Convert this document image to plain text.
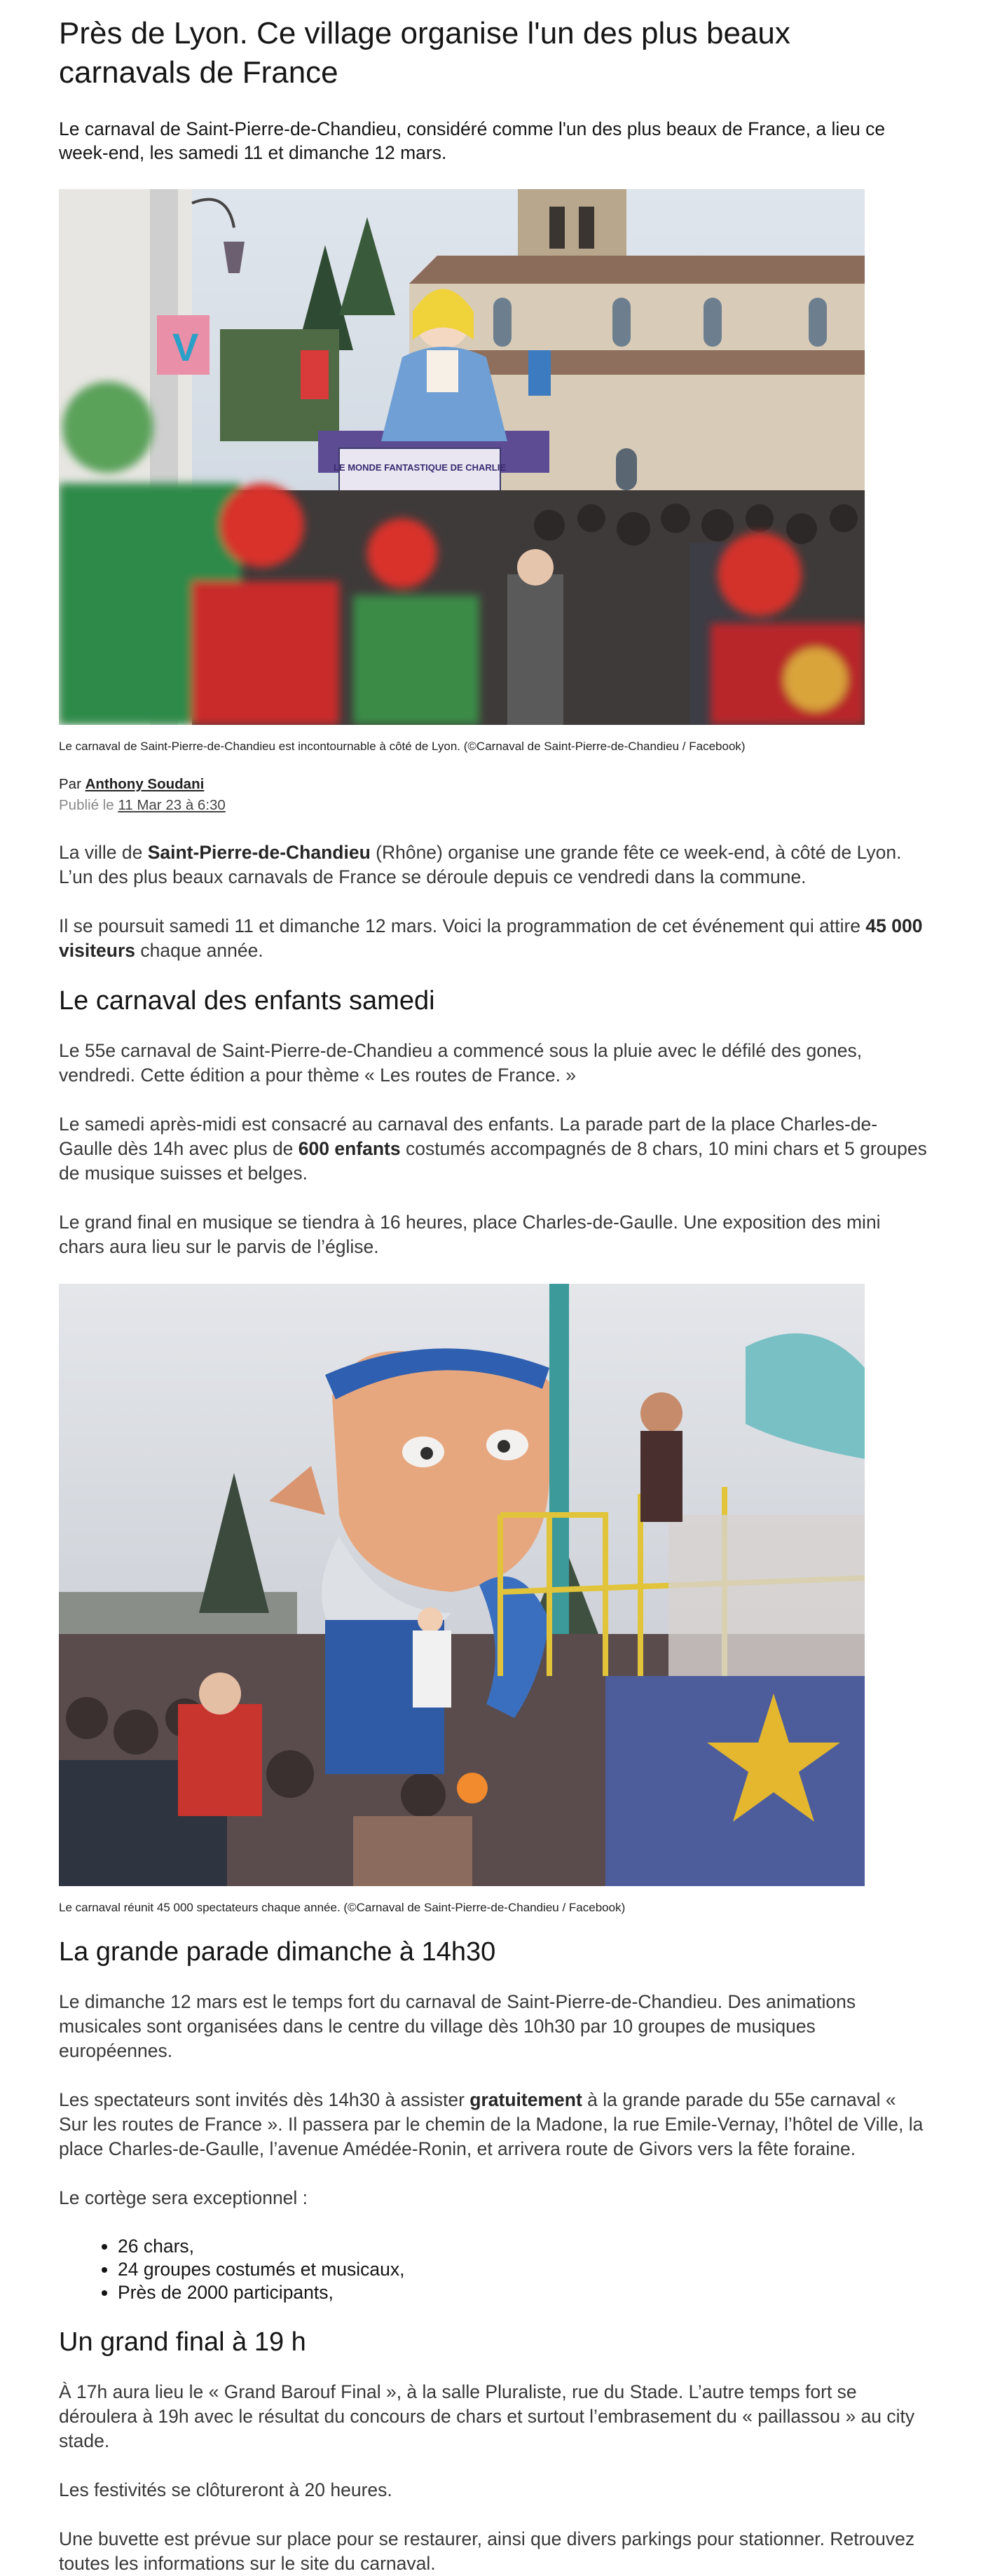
Près de Lyon. Ce village organise l'un des plus beaux carnavals de France

Le carnaval de Saint-Pierre-de-Chandieu, considéré comme l'un des plus beaux de France, a lieu ce week-end, les samedi 11 et dimanche 12 mars.

V
LE MONDE FANTASTIQUE DE CHARLIE

Le carnaval de Saint-Pierre-de-Chandieu est incontournable à côté de Lyon. (©Carnaval de Saint-Pierre-de-Chandieu / Facebook)

Par Anthony Soudani
Publié le 11 Mar 23 à 6:30

La ville de Saint-Pierre-de-Chandieu (Rhône) organise une grande fête ce week-end, à côté de Lyon. L’un des plus beaux carnavals de France se déroule depuis ce vendredi dans la commune.

Il se poursuit samedi 11 et dimanche 12 mars. Voici la programmation de cet événement qui attire 45 000 visiteurs chaque année.

Le carnaval des enfants samedi

Le 55e carnaval de Saint-Pierre-de-Chandieu a commencé sous la pluie avec le défilé des gones, vendredi. Cette édition a pour thème « Les routes de France. »

Le samedi après-midi est consacré au carnaval des enfants. La parade part de la place Charles-de-Gaulle dès 14h avec plus de 600 enfants costumés accompagnés de 8 chars, 10 mini chars et 5 groupes de musique suisses et belges.

Le grand final en musique se tiendra à 16 heures, place Charles-de-Gaulle. Une exposition des mini chars aura lieu sur le parvis de l’église.

Le carnaval réunit 45 000 spectateurs chaque année. (©Carnaval de Saint-Pierre-de-Chandieu / Facebook)

La grande parade dimanche à 14h30

Le dimanche 12 mars est le temps fort du carnaval de Saint-Pierre-de-Chandieu. Des animations musicales sont organisées dans le centre du village dès 10h30 par 10 groupes de musiques européennes.

Les spectateurs sont invités dès 14h30 à assister gratuitement à la grande parade du 55e carnaval « Sur les routes de France ». Il passera par le chemin de la Madone, la rue Emile-Vernay, l’hôtel de Ville, la place Charles-de-Gaulle, l’avenue Amédée-Ronin, et arrivera route de Givors vers la fête foraine.

Le cortège sera exceptionnel :

• 26 chars,
• 24 groupes costumés et musicaux,
• Près de 2000 participants,
Un grand final à 19 h

À 17h aura lieu le « Grand Barouf Final », à la salle Pluraliste, rue du Stade. L’autre temps fort se déroulera à 19h avec le résultat du concours de chars et surtout l’embrasement du « paillassou » au city stade.

Les festivités se clôtureront à 20 heures.

Une buvette est prévue sur place pour se restaurer, ainsi que divers parkings pour stationner. Retrouvez toutes les informations sur le site du carnaval.
